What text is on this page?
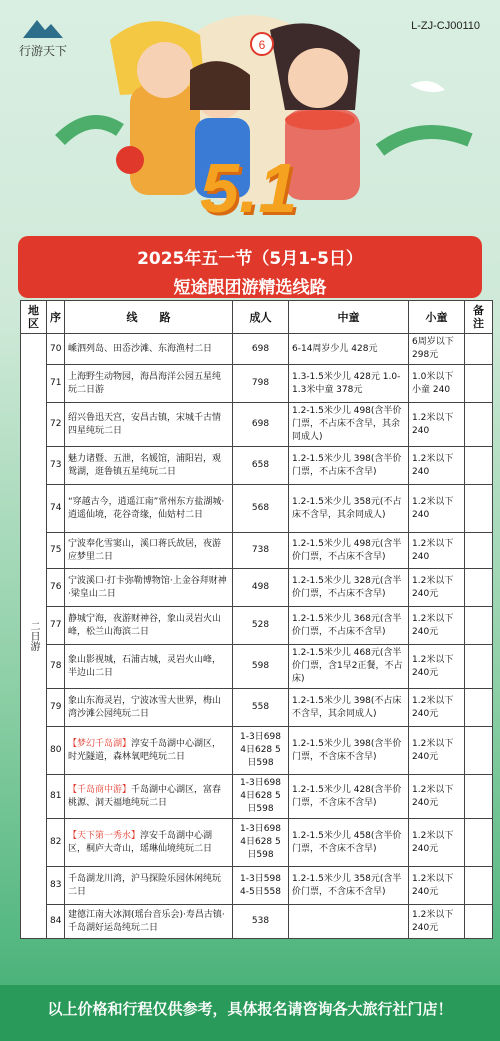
6
行游天下
L-ZJ-CJ00110
5.1
2025年五一节（5月1-5日）
短途跟团游精选线路
地区	序	线　　路	成人	中童	小童	备注
二日游	70	嵊泗列岛、田岙沙滩、东海渔村二日	698	6-14周岁少儿 428元	6周岁以下 298元	
	71	上海野生动物园，海昌海洋公园五星纯玩二日游	798	1.3-1.5米少儿 428元 1.0-1.3米中童 378元	1.0米以下小童 240	
	72	绍兴鲁迅天宫，安昌古镇，宋城千古情四星纯玩二日	698	1.2-1.5米少儿 498(含半价门票，不占床不含早，其余同成人)	1.2米以下 240	
	73	魅力诸暨、五泄，名媛馆，浦阳岩，观鸳湖，逛鲁镇五星纯玩二日	658	1.2-1.5米少儿 398(含半价门票，不占床不含早)	1.2米以下 240	
	74	“穿越古今，逍遥江南”常州东方盐湖城·逍遥仙境，花谷奇缘，仙姑村二日	568	1.2-1.5米少儿 358元(不占床不含早，其余同成人)	1.2米以下 240	
	75	宁波奉化雪窦山，溪口蒋氏故居，夜游应梦里二日	738	1.2-1.5米少儿 498元(含半价门票，不占床不含早)	1.2米以下 240	
	76	宁波溪口·打卡弥勒博物馆·上金谷拜财神·梁皇山二日	498	1.2-1.5米少儿 328元(含半价门票，不占床不含早)	1.2米以下 240元	
	77	静城宁海，夜游财神谷，象山灵岩火山峰，松兰山海滨二日	528	1.2-1.5米少儿 368元(含半价门票，不占床不含早)	1.2米以下 240元	
	78	象山影视城，石浦古城，灵岩火山峰，半边山二日	598	1.2-1.5米少儿 468元(含半价门票，含1早2正餐，不占床)	1.2米以下 240元	
	79	象山东海灵岩，宁波冰雪大世界，梅山湾沙滩公园纯玩二日	558	1.2-1.5米少儿 398(不占床不含早，其余同成人)	1.2米以下 240元	
	80	【梦幻千岛湖】淳安千岛湖中心湖区，时光隧道，森林氧吧纯玩二日	1-3日698 4日628 5日598	1.2-1.5米少儿 398(含半价门票，不含床不含早)	1.2米以下 240元	
	81	【千岛商中游】千岛湖中心湖区，富春桃源、洞天福地纯玩二日	1-3日698 4日628 5日598	1.2-1.5米少儿 428(含半价门票，不含床不含早)	1.2米以下 240元	
	82	【天下第一秀水】淳安千岛湖中心湖区，桐庐大奇山，瑶琳仙境纯玩二日	1-3日698 4日628 5日598	1.2-1.5米少儿 458(含半价门票，不含床不含早)	1.2米以下 240元	
	83	千岛湖龙川湾，沪马探险乐园休闲纯玩二日	1-3日598 4-5日558	1.2-1.5米少儿 358元(含半价门票，不含床不含早)	1.2米以下 240元	
	84	建德江南大冰洞(瑶台音乐会)·寿昌古镇·千岛湖好运岛纯玩二日	538		1.2米以下 240元	
以上价格和行程仅供参考，具体报名请咨询各大旅行社门店！
